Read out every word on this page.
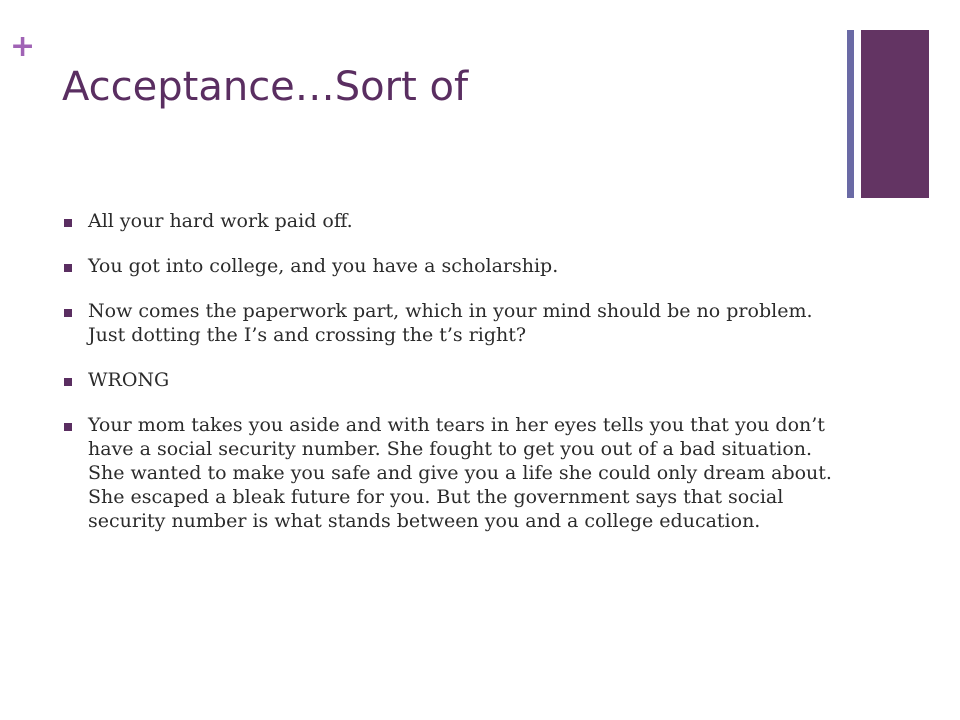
+
Acceptance…Sort of
All your hard work paid off.
You got into college, and you have a scholarship.
Now comes the paperwork part, which in your mind should be no problem. Just dotting the I’s and crossing the t’s right?
WRONG
Your mom takes you aside and with tears in her eyes tells you that you don’t have a social security number. She fought to get you out of a bad situation. She wanted to make you safe and give you a life she could only dream about. She escaped a bleak future for you. But the government says that social security number is what stands between you and a college education.
